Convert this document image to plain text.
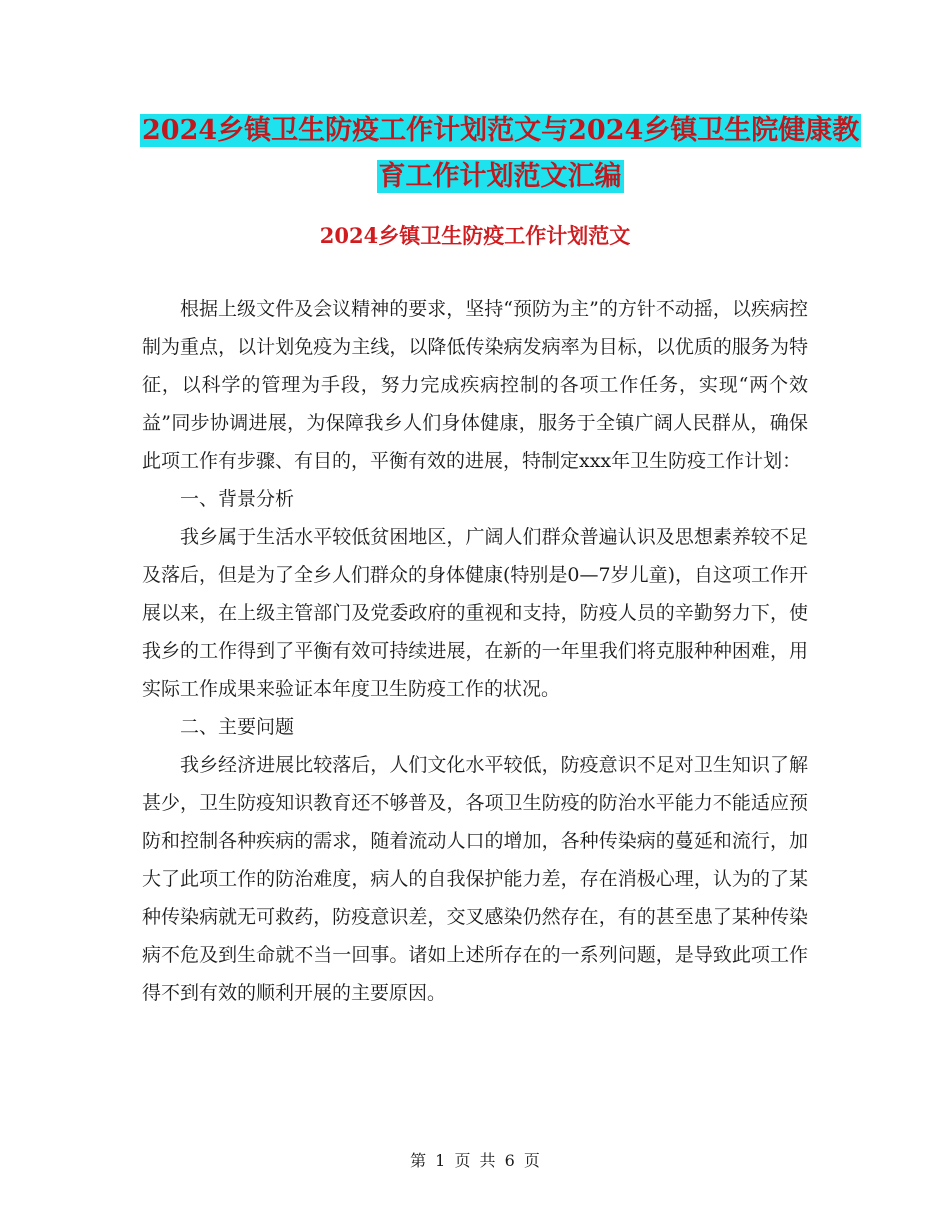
2024乡镇卫生防疫工作计划范文与2024乡镇卫生院健康教育工作计划范文汇编
2024乡镇卫生防疫工作计划范文

根据上级文件及会议精神的要求，坚持“预防为主”的方针不动摇，以疾病控制为重点，以计划免疫为主线，以降低传染病发病率为目标，以优质的服务为特征，以科学的管理为手段，努力完成疾病控制的各项工作任务，实现“两个效益”同步协调进展，为保障我乡人们身体健康，服务于全镇广阔人民群从，确保此项工作有步骤、有目的，平衡有效的进展，特制定xxx年卫生防疫工作计划：

一、背景分析

我乡属于生活水平较低贫困地区，广阔人们群众普遍认识及思想素养较不足及落后，但是为了全乡人们群众的身体健康(特别是0—7岁儿童)，自这项工作开展以来，在上级主管部门及党委政府的重视和支持，防疫人员的辛勤努力下，使我乡的工作得到了平衡有效可持续进展，在新的一年里我们将克服种种困难，用实际工作成果来验证本年度卫生防疫工作的状况。

二、主要问题

我乡经济进展比较落后，人们文化水平较低，防疫意识不足对卫生知识了解甚少，卫生防疫知识教育还不够普及，各项卫生防疫的防治水平能力不能适应预防和控制各种疾病的需求，随着流动人口的增加，各种传染病的蔓延和流行，加大了此项工作的防治难度，病人的自我保护能力差，存在消极心理，认为的了某种传染病就无可救药，防疫意识差，交叉感染仍然存在，有的甚至患了某种传染病不危及到生命就不当一回事。诸如上述所存在的一系列问题，是导致此项工作得不到有效的顺利开展的主要原因。

第 1 页 共 6 页
